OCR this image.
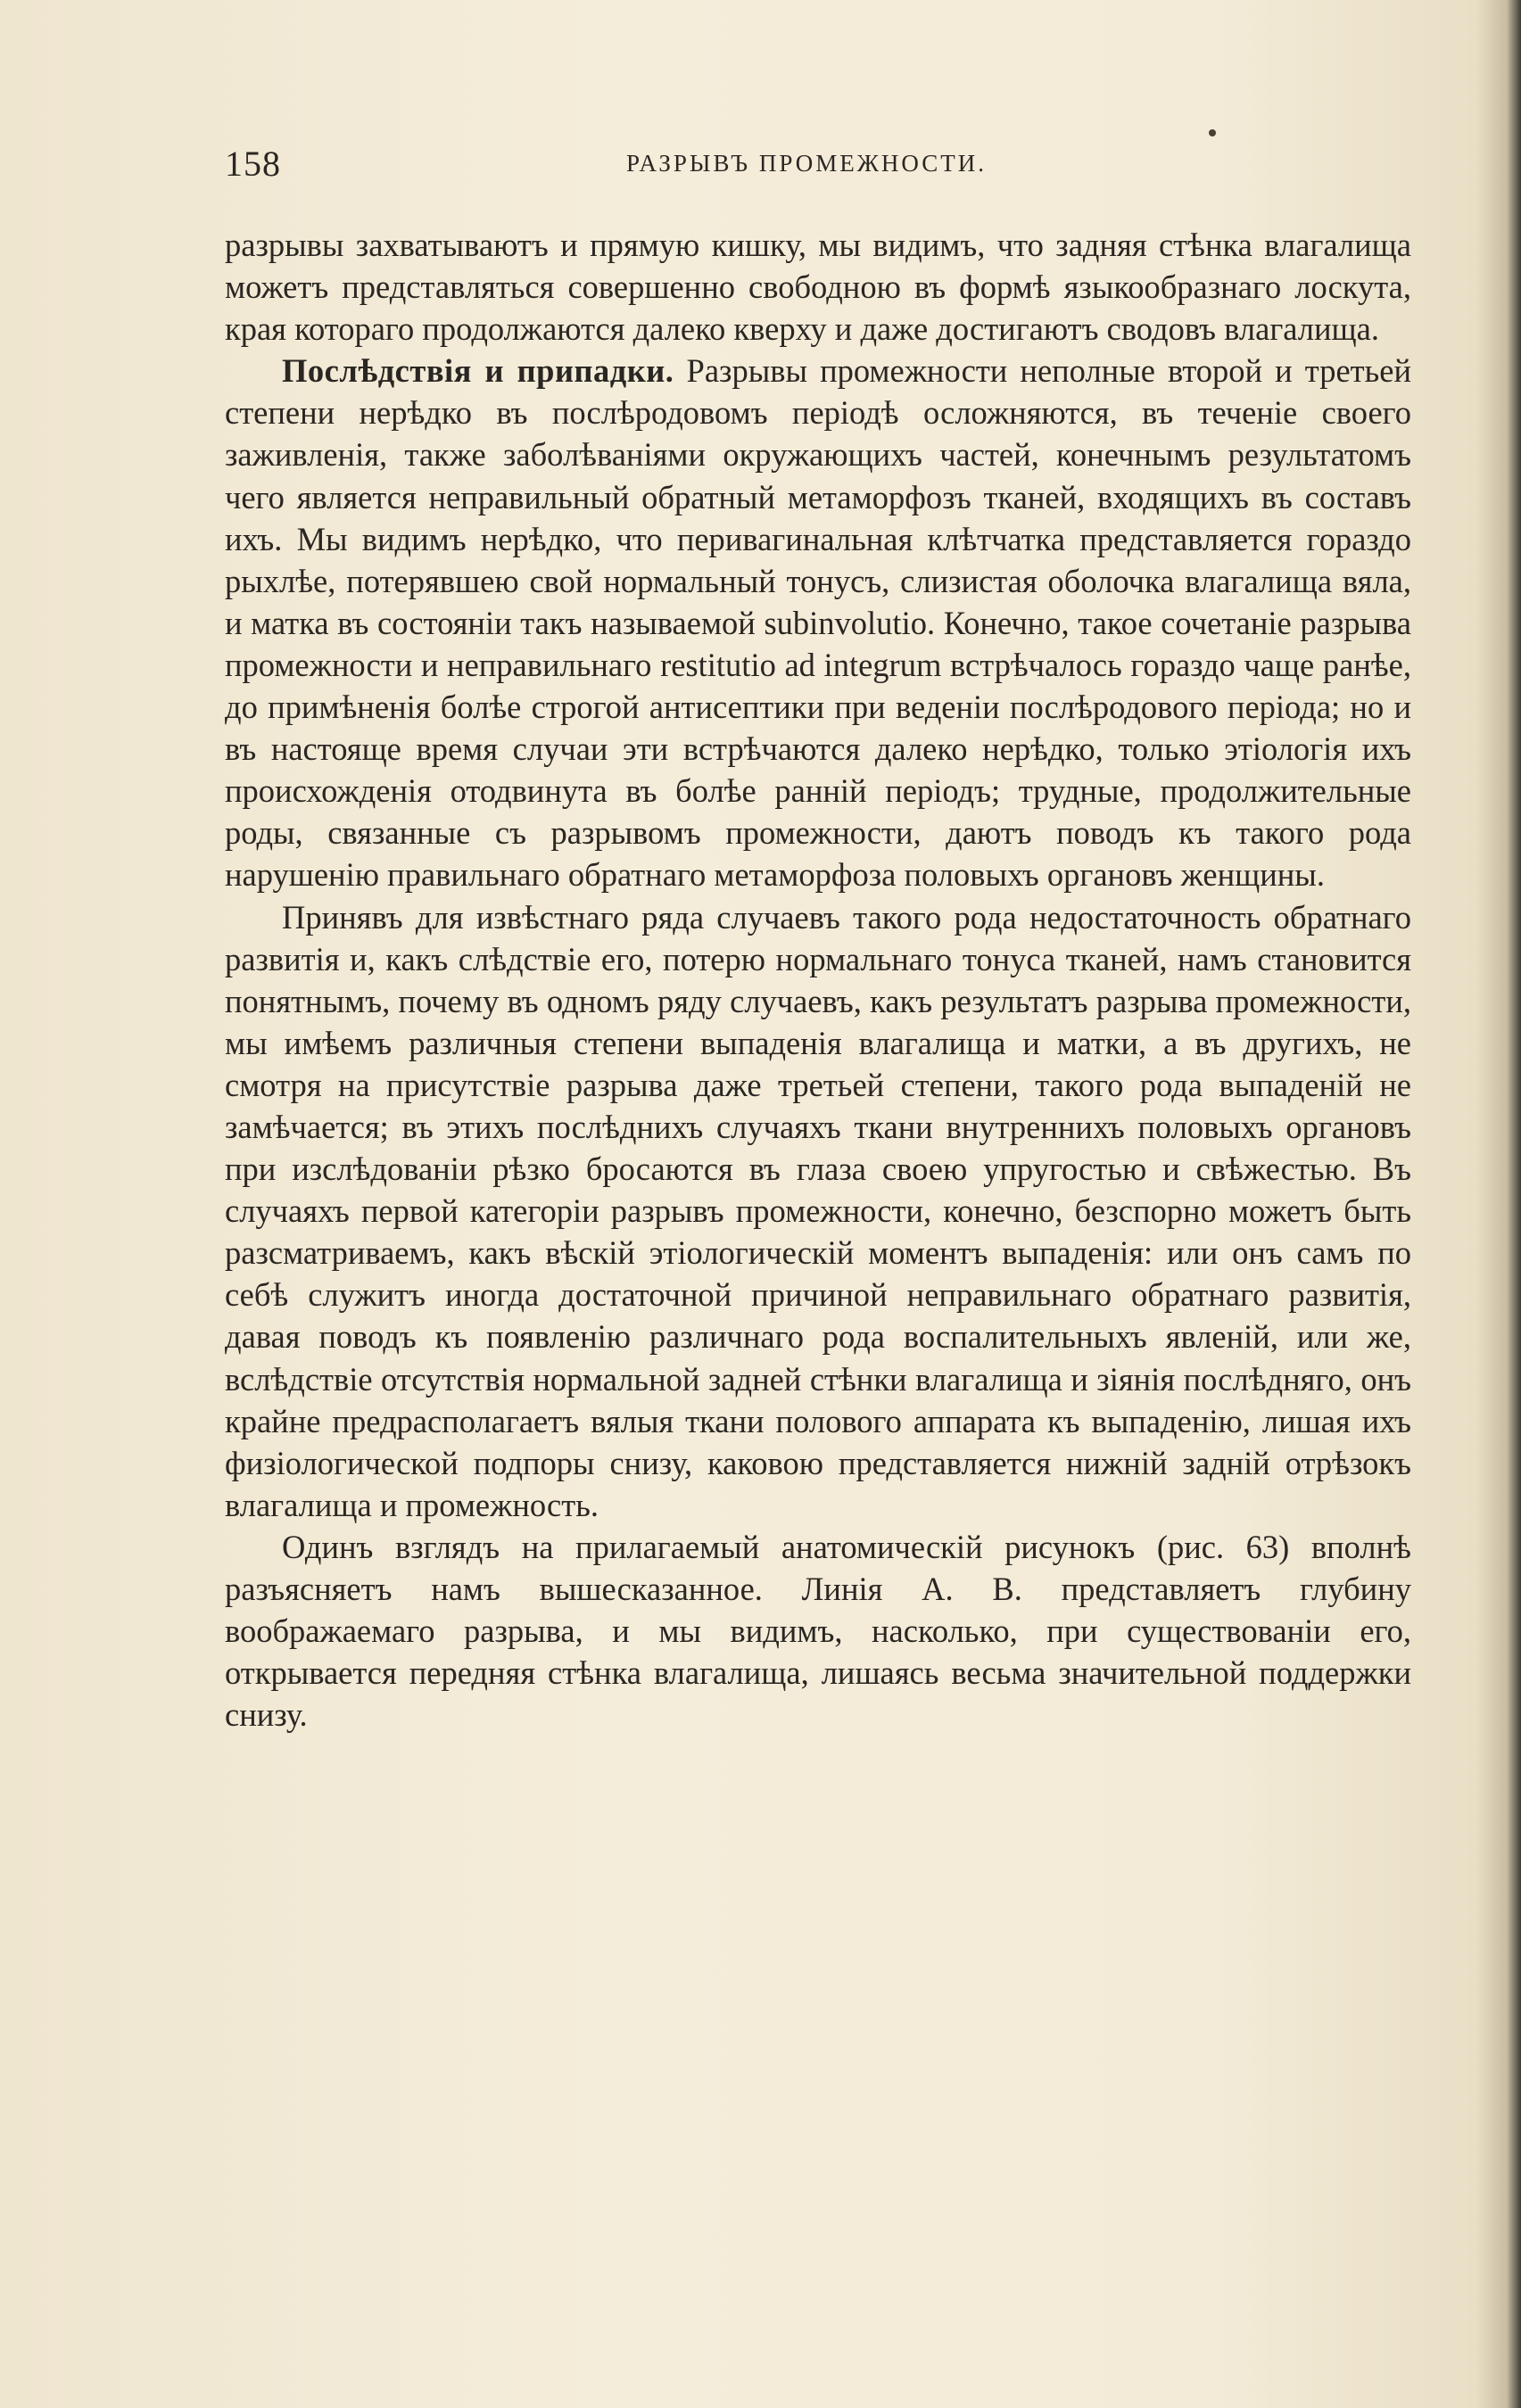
158	РАЗРЫВЪ ПРОМЕЖНОСТИ.

разрывы захватываютъ и прямую кишку, мы видимъ, что задняя стѣнка влагалища можетъ представляться совершенно свободною въ формѣ языкообразнаго лоскута, края котораго продолжаются далеко кверху и даже достигаютъ сводовъ влагалища.

Послѣдствія и припадки. Разрывы промежности неполные второй и третьей степени нерѣдко въ послѣродовомъ періодѣ осложняются, въ теченіе своего заживленія, также заболѣваніями окружающихъ частей, конечнымъ результатомъ чего является неправильный обратный метаморфозъ тканей, входящихъ въ составъ ихъ. Мы видимъ нерѣдко, что перивагинальная клѣтчатка представляется гораздо рыхлѣе, потерявшею свой нормальный тонусъ, слизистая оболочка влагалища вяла, и матка въ состояніи такъ называемой subinvolutio. Конечно, такое сочетаніе разрыва промежности и неправильнаго restitutio ad integrum встрѣчалось гораздо чаще ранѣе, до примѣненія болѣе строгой антисептики при веденіи послѣродового періода; но и въ настояще время случаи эти встрѣчаются далеко нерѣдко, только этіологія ихъ происхожденія отодвинута въ болѣе ранній періодъ; трудные, продолжительные роды, связанные съ разрывомъ промежности, даютъ поводъ къ такого рода нарушенію правильнаго обратнаго метаморфоза половыхъ органовъ женщины.

Принявъ для извѣстнаго ряда случаевъ такого рода недостаточность обратнаго развитія и, какъ слѣдствіе его, потерю нормальнаго тонуса тканей, намъ становится понятнымъ, почему въ одномъ ряду случаевъ, какъ результатъ разрыва промежности, мы имѣемъ различныя степени выпаденія влагалища и матки, а въ другихъ, не смотря на присутствіе разрыва даже третьей степени, такого рода выпаденій не замѣчается; въ этихъ послѣднихъ случаяхъ ткани внутреннихъ половыхъ органовъ при изслѣдованіи рѣзко бросаются въ глаза своею упругостью и свѣжестью. Въ случаяхъ первой категоріи разрывъ промежности, конечно, безспорно можетъ быть разсматриваемъ, какъ вѣскій этіологическій моментъ выпаденія: или онъ самъ по себѣ служитъ иногда достаточной причиной неправильнаго обратнаго развитія, давая поводъ къ появленію различнаго рода воспалительныхъ явленій, или же, вслѣдствіе отсутствія нормальной задней стѣнки влагалища и зіянія послѣдняго, онъ крайне предрасполагаетъ вялыя ткани полового аппарата къ выпаденію, лишая ихъ физіологической подпоры снизу, каковою представляется нижній задній отрѣзокъ влагалища и промежность.

Одинъ взглядъ на прилагаемый анатомическій рисунокъ (рис. 63) вполнѣ разъясняетъ намъ вышесказанное. Линія А. В. представляетъ глубину воображаемаго разрыва, и мы видимъ, насколько, при существованіи его, открывается передняя стѣнка влагалища, лишаясь весьма значительной поддержки снизу.
